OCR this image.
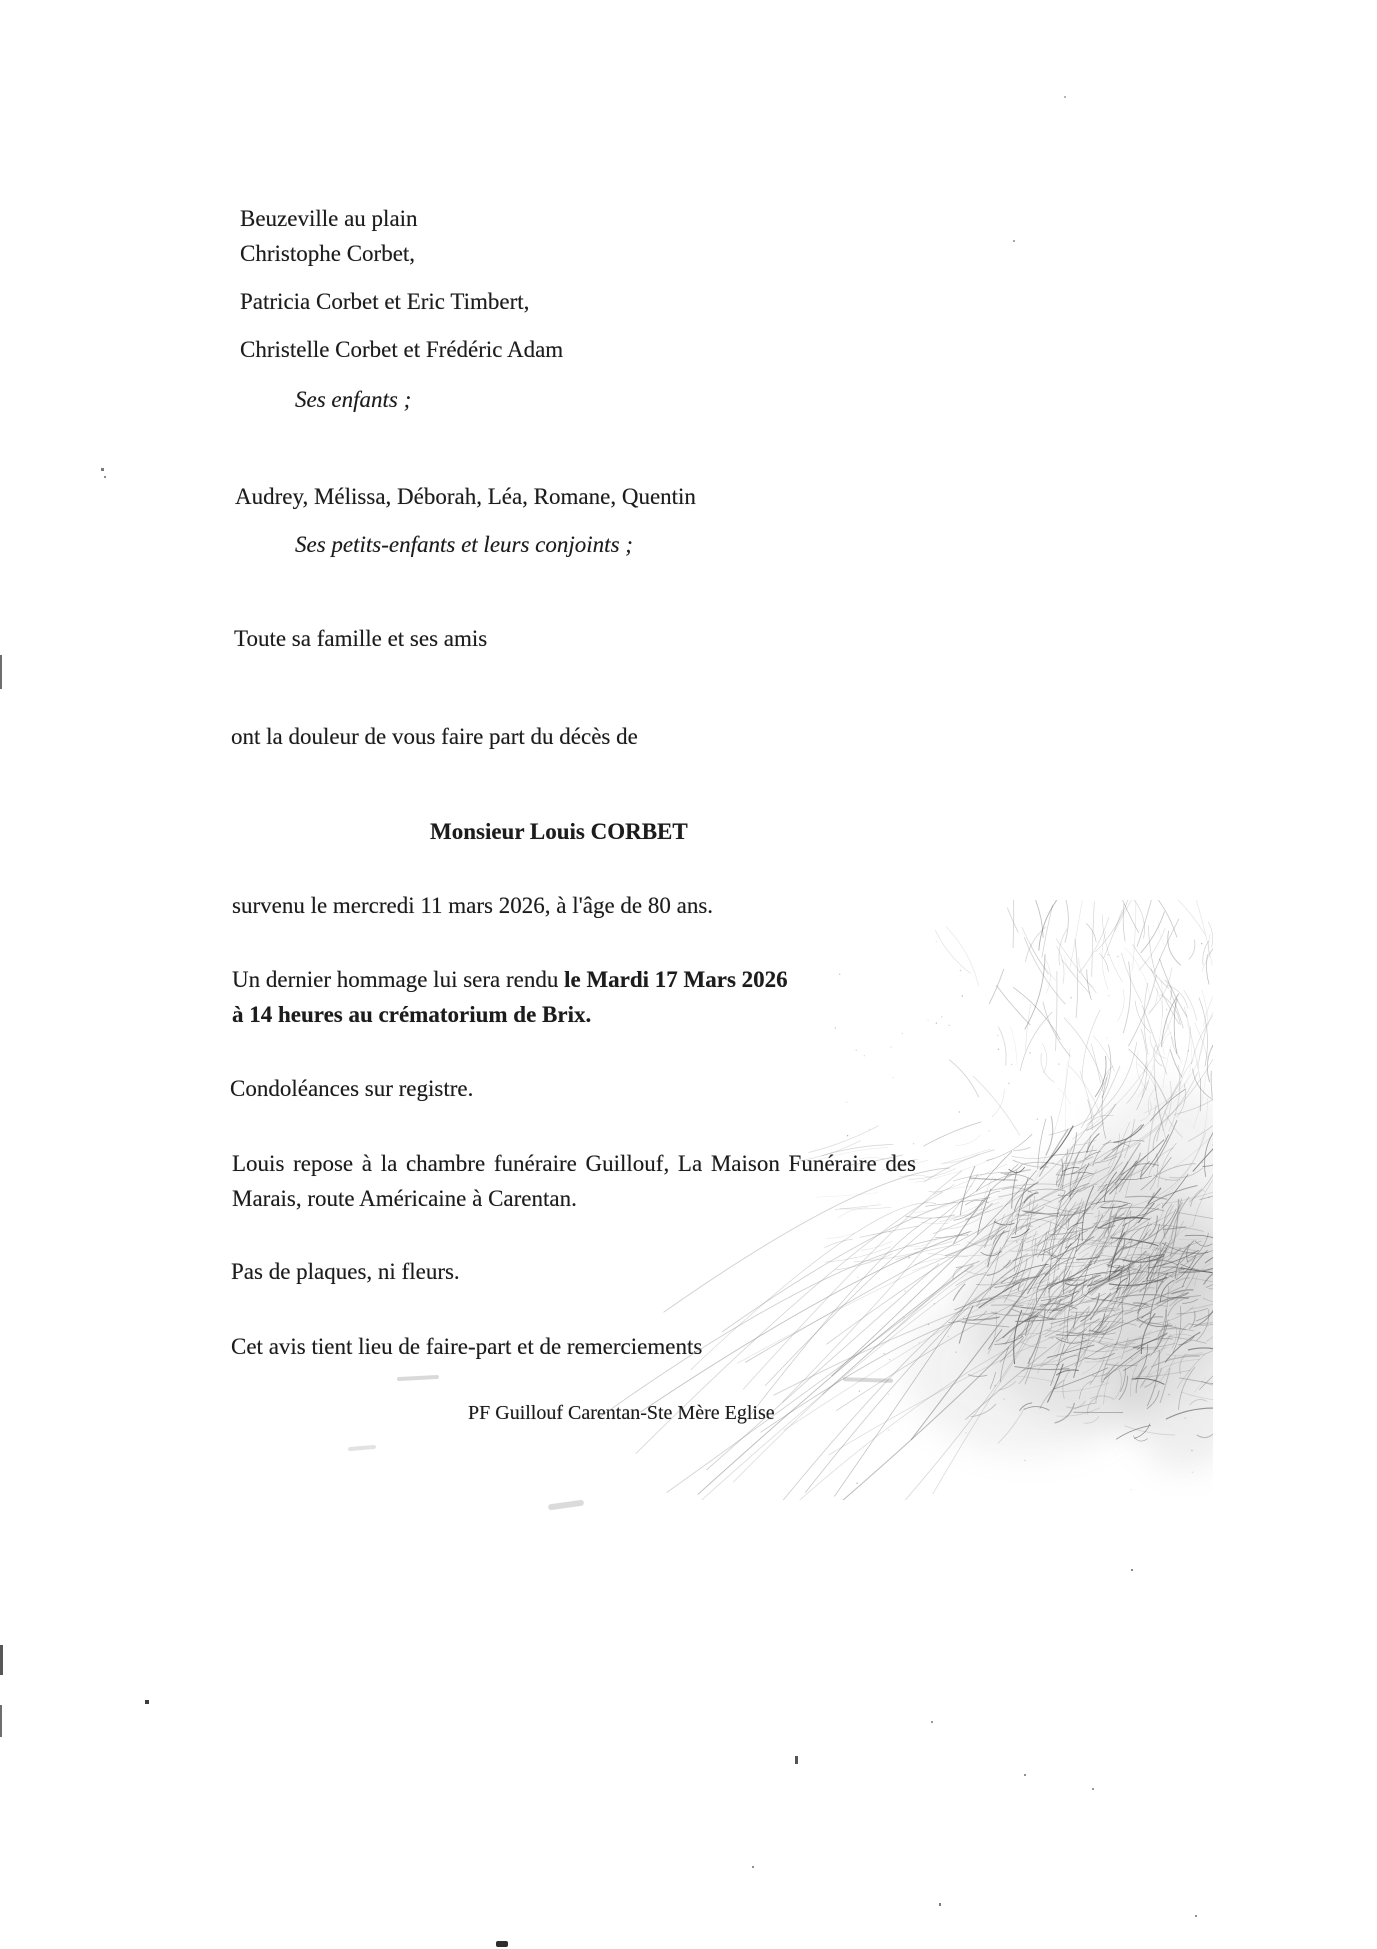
Beuzeville au plain
Christophe Corbet,
Patricia Corbet et Eric Timbert,
Christelle Corbet et Frédéric Adam
Ses enfants ;
Audrey, Mélissa, Déborah, Léa, Romane, Quentin
Ses petits-enfants et leurs conjoints ;
Toute sa famille et ses amis
ont la douleur de vous faire part du décès de
Monsieur Louis CORBET
survenu le mercredi 11 mars 2026, à l'âge de 80 ans.
Un dernier hommage lui sera rendu le Mardi 17 Mars 2026
à 14 heures au crématorium de Brix.
Condoléances sur registre.
Louis repose à la chambre funéraire Guillouf, La Maison Funéraire des
Marais, route Américaine à Carentan.
Pas de plaques, ni fleurs.
Cet avis tient lieu de faire-part et de remerciements
PF Guillouf Carentan-Ste Mère Eglise
